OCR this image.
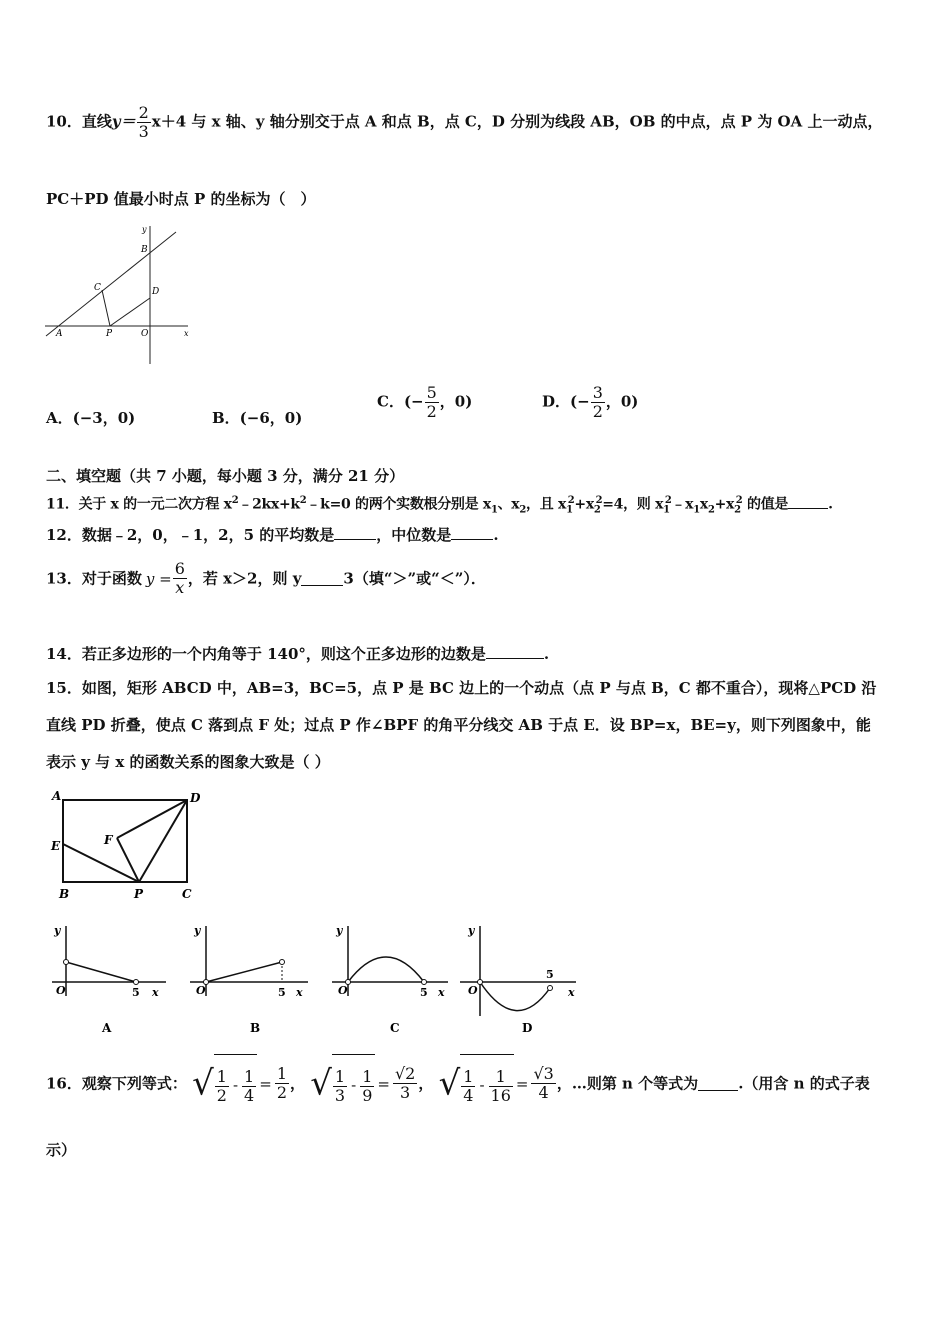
10．直线$y= \frac{2}{3} x+4$ 与 x 轴、y 轴分别交于点 A 和点 B，点 C，D 分别为线段 AB，OB 的中点，点 P 为 OA 上一动点，
PC＋PD 值最小时点 P 的坐标为（　）
y
B
C	D
A	P	O	x
A．(−3，0)	B．(−6，0)
C．(− $\frac{5}{2}$ ，0)	D．(− $\frac{3}{2}$ ，0)
二、填空题（共 7 小题，每小题 3 分，满分 21 分）
11．关于 x 的一元二次方程 $x^2﹣2kx+k^2﹣k=0$ 的两个实数根分别是 $x_1$、$x_2$，且 $x_1^2+x_2^2=4$，则 $x_1^2﹣x_1x_2+x_2^2$ 的值是	.
12．数据﹣2，0，﹣1，2，5 的平均数是	，中位数是	.
13．对于函数 $y = \frac{6}{x}$ ，若 x＞2，则 y	3（填“＞”或“＜”）．
14．若正多边形的一个内角等于 140°，则这个正多边形的边数是	.
15．如图，矩形 ABCD 中，AB=3，BC=5，点 P 是 BC 边上的一个动点（点 P 与点 B，C 都不重合），现将△PCD 沿
直线 PD 折叠，使点 C 落到点 F 处；过点 P 作∠BPF 的角平分线交 AB 于点 E．设 BP=x，BE=y，则下列图象中，能
表示 y 与 x 的函数关系的图象大致是（ ）
A	D
E	F
B	P	C
y
O	5 x
A
y
O	5 x
B
y
O	5 x
C
y
O
5
x
D
16．观察下列等式： √ $\frac{1}{2} - \frac{1}{4} = \frac{1}{2}$ ， √ $\frac{1}{3} - \frac{1}{9} = \frac{√2}{3}$ ， √ $\frac{1}{4} - \frac{1}{16} = \frac{√3}{4}$ ，…则第 n 个等式为	.（用含 n 的式子表
示）
